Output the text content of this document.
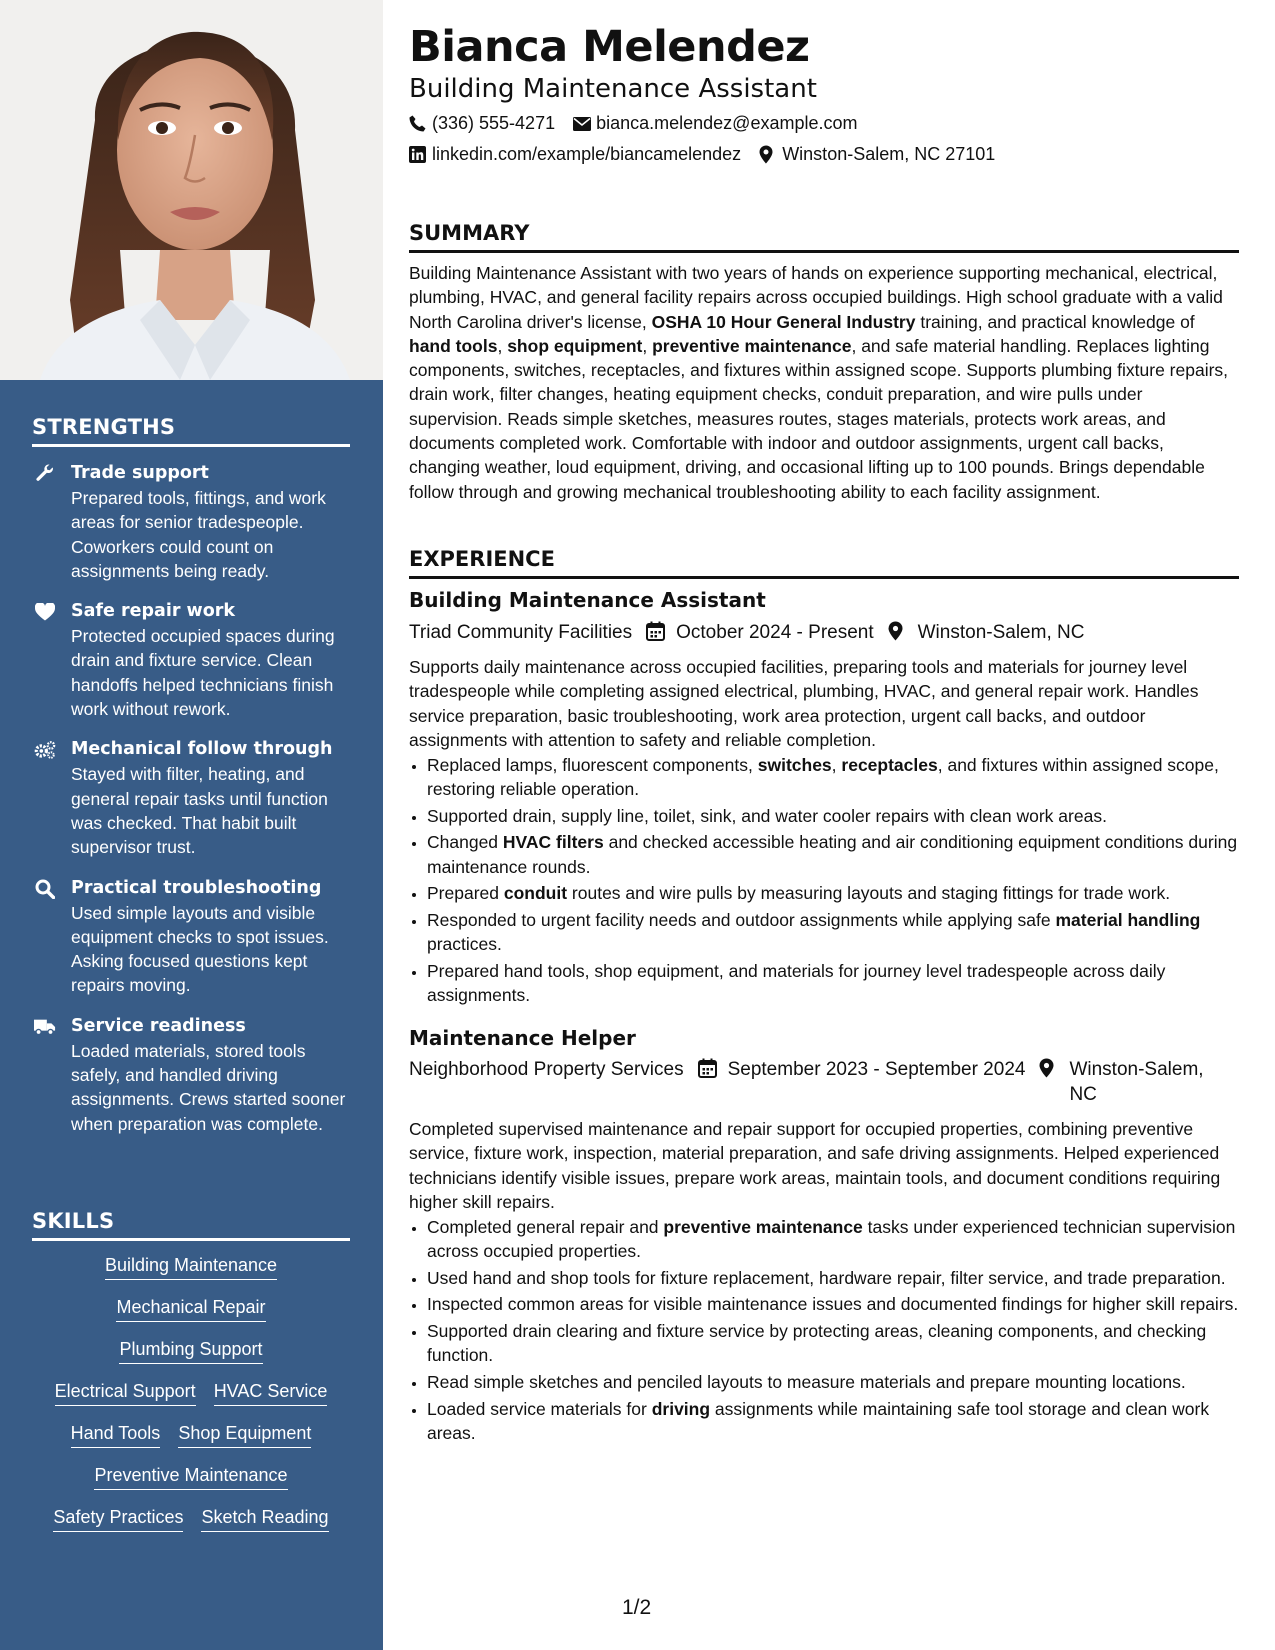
STRENGTHS
Trade support
Prepared tools, fittings, and work areas for senior tradespeople. Coworkers could count on assignments being ready.
Safe repair work
Protected occupied spaces during drain and fixture service. Clean handoffs helped technicians finish work without rework.
Mechanical follow through
Stayed with filter, heating, and general repair tasks until function was checked. That habit built supervisor trust.
Practical troubleshooting
Used simple layouts and visible equipment checks to spot issues. Asking focused questions kept repairs moving.
Service readiness
Loaded materials, stored tools safely, and handled driving assignments. Crews started sooner when preparation was complete.
SKILLS
Building Maintenance
Mechanical Repair
Plumbing Support
Electrical Support HVAC Service
Hand Tools Shop Equipment
Preventive Maintenance
Safety Practices Sketch Reading
Bianca Melendez
Building Maintenance Assistant
(336) 555-4271 bianca.melendez@example.com
linkedin.com/example/biancamelendez Winston-Salem, NC 27101
SUMMARY

Building Maintenance Assistant with two years of hands on experience supporting mechanical, electrical, plumbing, HVAC, and general facility repairs across occupied buildings. High school graduate with a valid North Carolina driver's license, OSHA 10 Hour General Industry training, and practical knowledge of hand tools, shop equipment, preventive maintenance, and safe material handling. Replaces lighting components, switches, receptacles, and fixtures within assigned scope. Supports plumbing fixture repairs, drain work, filter changes, heating equipment checks, conduit preparation, and wire pulls under supervision. Reads simple sketches, measures routes, stages materials, protects work areas, and documents completed work. Comfortable with indoor and outdoor assignments, urgent call backs, changing weather, loud equipment, driving, and occasional lifting up to 100 pounds. Brings dependable follow through and growing mechanical troubleshooting ability to each facility assignment.

EXPERIENCE
Building Maintenance Assistant
Triad Community Facilities October 2024 - Present Winston-Salem, NC

Supports daily maintenance across occupied facilities, preparing tools and materials for journey level tradespeople while completing assigned electrical, plumbing, HVAC, and general repair work. Handles service preparation, basic troubleshooting, work area protection, urgent call backs, and outdoor assignments with attention to safety and reliable completion.

• Replaced lamps, fluorescent components, switches, receptacles, and fixtures within assigned scope, restoring reliable operation.
• Supported drain, supply line, toilet, sink, and water cooler repairs with clean work areas.
• Changed HVAC filters and checked accessible heating and air conditioning equipment conditions during maintenance rounds.
• Prepared conduit routes and wire pulls by measuring layouts and staging fittings for trade work.
• Responded to urgent facility needs and outdoor assignments while applying safe material handling practices.
• Prepared hand tools, shop equipment, and materials for journey level tradespeople across daily assignments.
Maintenance Helper
Neighborhood Property Services September 2023 - September 2024 Winston-Salem, NC

Completed supervised maintenance and repair support for occupied properties, combining preventive service, fixture work, inspection, material preparation, and safe driving assignments. Helped experienced technicians identify visible issues, prepare work areas, maintain tools, and document conditions requiring higher skill repairs.

• Completed general repair and preventive maintenance tasks under experienced technician supervision across occupied properties.
• Used hand and shop tools for fixture replacement, hardware repair, filter service, and trade preparation.
• Inspected common areas for visible maintenance issues and documented findings for higher skill repairs.
• Supported drain clearing and fixture service by protecting areas, cleaning components, and checking function.
• Read simple sketches and penciled layouts to measure materials and prepare mounting locations.
• Loaded service materials for driving assignments while maintaining safe tool storage and clean work areas.
1/2
